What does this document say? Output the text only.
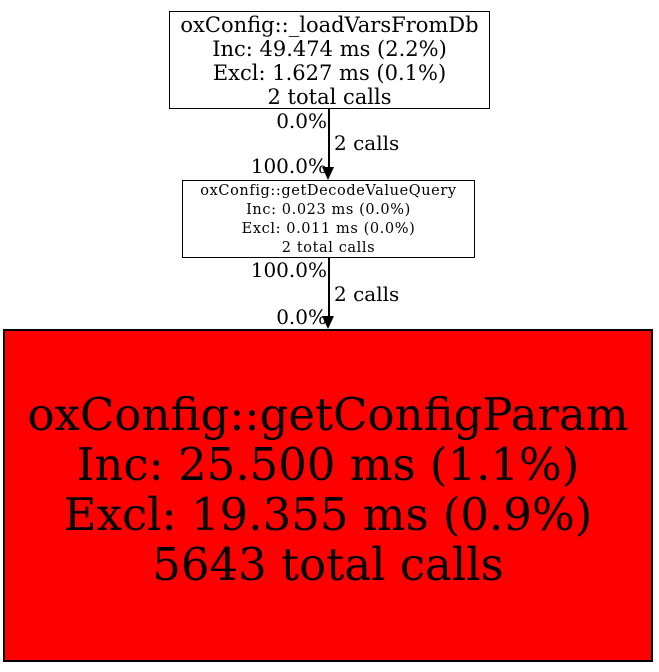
oxConfig::_loadVarsFromDb
Inc: 49.474 ms (2.2%)
Excl: 1.627 ms (0.1%)
2 total calls
0.0%
2 calls
100.0%
oxConfig::getDecodeValueQuery
Inc: 0.023 ms (0.0%)
Excl: 0.011 ms (0.0%)
2 total calls
100.0%
2 calls
0.0%
oxConfig::getConfigParam
Inc: 25.500 ms (1.1%)
Excl: 19.355 ms (0.9%)
5643 total calls
